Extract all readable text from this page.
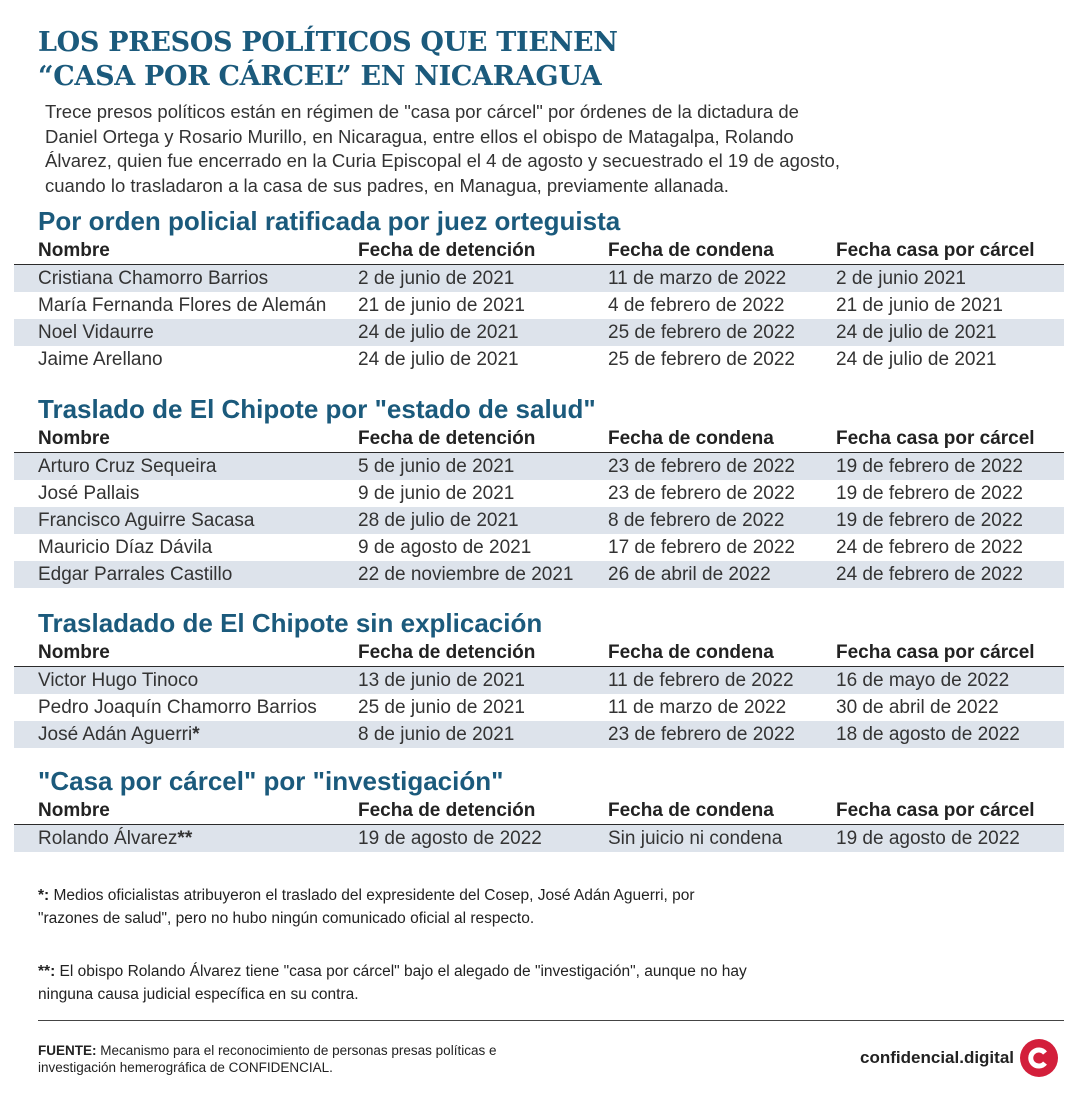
LOS PRESOS POLÍTICOS QUE TIENEN
“CASA POR CÁRCEL” EN NICARAGUA

Trece presos políticos están en régimen de "casa por cárcel" por órdenes de la dictadura de Daniel Ortega y Rosario Murillo, en Nicaragua, entre ellos el obispo de Matagalpa, Rolando Álvarez, quien fue encerrado en la Curia Episcopal el 4 de agosto y secuestrado el 19 de agosto, cuando lo trasladaron a la casa de sus padres, en Managua, previamente allanada.

Por orden policial ratificada por juez orteguista
Nombre	Fecha de detención	Fecha de condena	Fecha casa por cárcel
Cristiana Chamorro Barrios	2 de junio de 2021	11 de marzo de 2022	2 de junio 2021
María Fernanda Flores de Alemán	21 de junio de 2021	4 de febrero de 2022	21 de junio de 2021
Noel Vidaurre	24 de julio de 2021	25 de febrero de 2022	24 de julio de 2021
Jaime Arellano	24 de julio de 2021	25 de febrero de 2022	24 de julio de 2021
Traslado de El Chipote por "estado de salud"
Nombre	Fecha de detención	Fecha de condena	Fecha casa por cárcel
Arturo Cruz Sequeira	5 de junio de 2021	23 de febrero de 2022	19 de febrero de 2022
José Pallais	9 de junio de 2021	23 de febrero de 2022	19 de febrero de 2022
Francisco Aguirre Sacasa	28 de julio de 2021	8 de febrero de 2022	19 de febrero de 2022
Mauricio Díaz Dávila	9 de agosto de 2021	17 de febrero de 2022	24 de febrero de 2022
Edgar Parrales Castillo	22 de noviembre de 2021	26 de abril de 2022	24 de febrero de 2022
Trasladado de El Chipote sin explicación
Nombre	Fecha de detención	Fecha de condena	Fecha casa por cárcel
Victor Hugo Tinoco	13 de junio de 2021	11 de febrero de 2022	16 de mayo de 2022
Pedro Joaquín Chamorro Barrios	25 de junio de 2021	11 de marzo de 2022	30 de abril de 2022
José Adán Aguerri*	8 de junio de 2021	23 de febrero de 2022	18 de agosto de 2022
"Casa por cárcel" por "investigación"
Nombre	Fecha de detención	Fecha de condena	Fecha casa por cárcel
Rolando Álvarez**	19 de agosto de 2022	Sin juicio ni condena	19 de agosto de 2022
*: Medios oficialistas atribuyeron el traslado del expresidente del Cosep, José Adán Aguerri, por "razones de salud", pero no hubo ningún comunicado oficial al respecto.
**: El obispo Rolando Álvarez tiene "casa por cárcel" bajo el alegado de "investigación", aunque no hay ninguna causa judicial específica en su contra.
FUENTE: Mecanismo para el reconocimiento de personas presas políticas e investigación hemerográfica de CONFIDENCIAL.
confidencial.digital
